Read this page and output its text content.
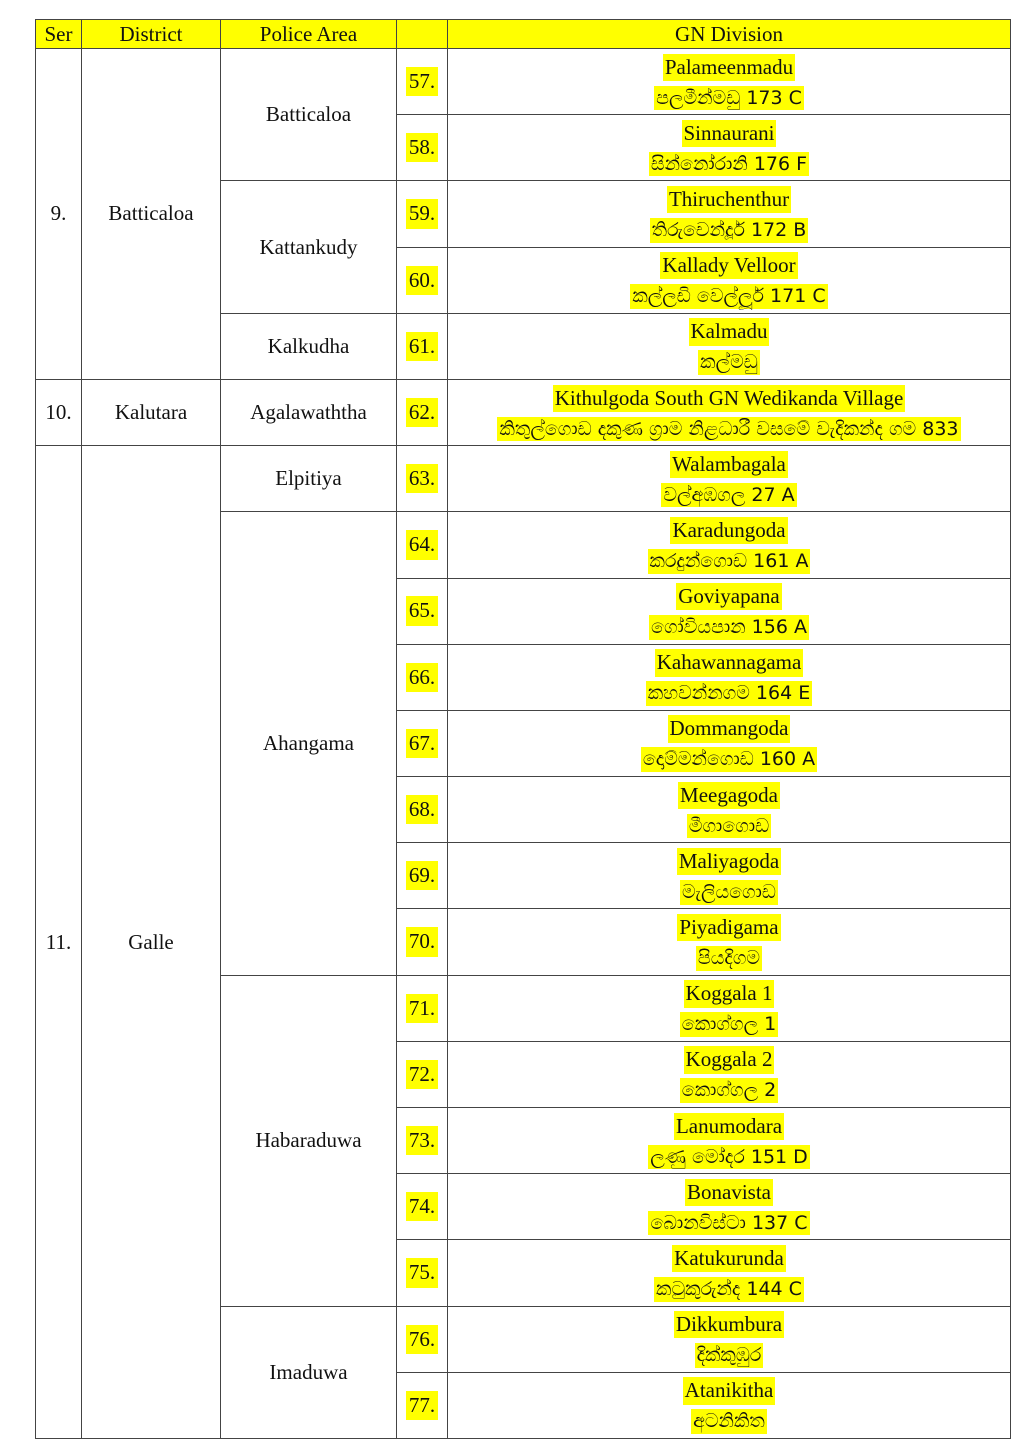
Ser	District	Police Area		GN Division
9.	Batticaloa	Batticaloa	57.	Palameenmadu
පලමීන්මඩු 173 C

			58.	Sinnaurani
සින්නෝරානි 176 F

		Kattankudy	59.	Thiruchenthur
තිරුචෙන්දූර් 172 B

			60.	Kallady Velloor
කල්ලඩි වෙල්ලූර් 171 C

		Kalkudha	61.	Kalmadu
කල්මඩු

10.	Kalutara	Agalawaththa	62.	Kithulgoda South GN Wedikanda Village
කිතුල්ගොඩ දකුණ ග්‍රාම නිළධාරී වසමේ වැදිකන්ද ගම 833

11.	Galle	Elpitiya	63.	Walambagala
වල්අඹගල 27 A

		Ahangama	64.	Karadungoda
කරදුන්ගොඩ 161 A

			65.	Goviyapana
ගෝවියපාන 156 A

			66.	Kahawannagama
කහවන්නගම 164 E

			67.	Dommangoda
දොම්මන්ගොඩ 160 A

			68.	Meegagoda
මීගාගොඩ

			69.	Maliyagoda
මැලියගොඩ

			70.	Piyadigama
පියදිගම

		Habaraduwa	71.	Koggala 1
කොග්ගල 1

			72.	Koggala 2
කොග්ගල 2

			73.	Lanumodara
ලණු මෝදර 151 D

			74.	Bonavista
බොනවිස්ටා 137 C

			75.	Katukurunda
කටුකුරුන්ද 144 C

		Imaduwa	76.	Dikkumbura
දික්කුඹුර

			77.	Atanikitha
අටනිකිත
